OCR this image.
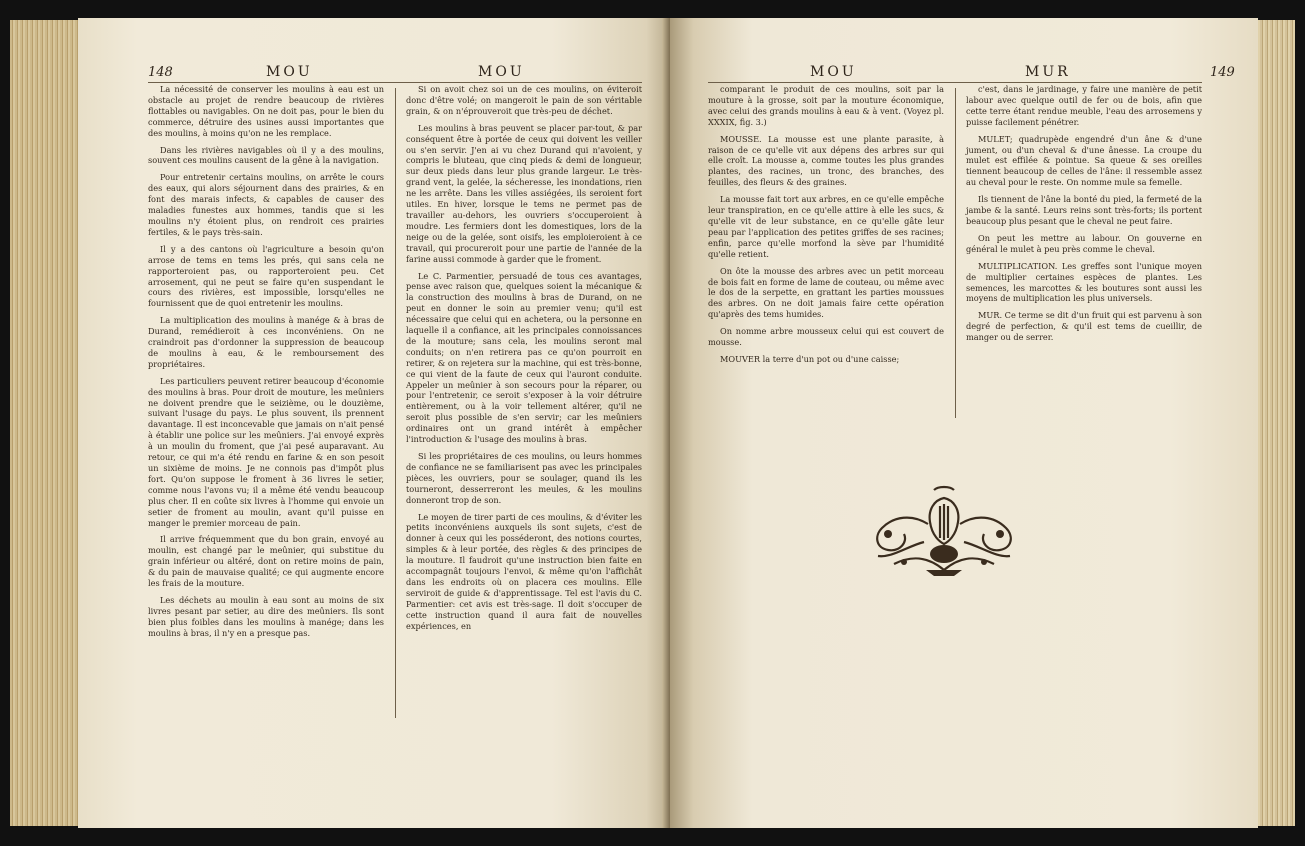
148	MOU	MOU

La nécessité de conserver les moulins à eau est un obstacle au projet de rendre beaucoup de rivières flottables ou navigables. On ne doit pas, pour le bien du commerce, détruire des usines aussi importantes que des moulins, à moins qu'on ne les remplace.

Dans les rivières navigables où il y a des moulins, souvent ces moulins causent de la gêne à la navigation.

Pour entretenir certains moulins, on arrête le cours des eaux, qui alors séjournent dans des prairies, & en font des marais infects, & capables de causer des maladies funestes aux hommes, tandis que si les moulins n'y étoient plus, on rendroit ces prairies fertiles, & le pays très-sain.

Il y a des cantons où l'agriculture a besoin qu'on arrose de tems en tems les prés, qui sans cela ne rapporteroient pas, ou rapporteroient peu. Cet arrosement, qui ne peut se faire qu'en suspendant le cours des rivières, est impossible, lorsqu'elles ne fournissent que de quoi entretenir les moulins.

La multiplication des moulins à manége & à bras de Durand, remédieroit à ces inconvéniens. On ne craindroit pas d'ordonner la suppression de beaucoup de moulins à eau, & le remboursement des propriétaires.

Les particuliers peuvent retirer beaucoup d'économie des moulins à bras. Pour droit de mouture, les meûniers ne doivent prendre que le seizième, ou le douzième, suivant l'usage du pays. Le plus souvent, ils prennent davantage. Il est inconcevable que jamais on n'ait pensé à établir une police sur les meûniers. J'ai envoyé exprès à un moulin du froment, que j'ai pesé auparavant. Au retour, ce qui m'a été rendu en farine & en son pesoit un sixième de moins. Je ne connois pas d'impôt plus fort. Qu'on suppose le froment à 36 livres le setier, comme nous l'avons vu; il a même été vendu beaucoup plus cher. Il en coûte six livres à l'homme qui envoie un setier de froment au moulin, avant qu'il puisse en manger le premier morceau de pain.

Il arrive fréquemment que du bon grain, envoyé au moulin, est changé par le meûnier, qui substitue du grain inférieur ou altéré, dont on retire moins de pain, & du pain de mauvaise qualité; ce qui augmente encore les frais de la mouture.

Les déchets au moulin à eau sont au moins de six livres pesant par setier, au dire des meûniers. Ils sont bien plus foibles dans les moulins à manége; dans les moulins à bras, il n'y en a presque pas.

Si on avoit chez soi un de ces moulins, on éviteroit donc d'être volé; on mangeroit le pain de son véritable grain, & on n'éprouveroit que très-peu de déchet.

Les moulins à bras peuvent se placer par-tout, & par conséquent être à portée de ceux qui doivent les veiller ou s'en servir. J'en ai vu chez Durand qui n'avoient, y compris le bluteau, que cinq pieds & demi de longueur, sur deux pieds dans leur plus grande largeur. Le très-grand vent, la gelée, la sécheresse, les inondations, rien ne les arrête. Dans les villes assiégées, ils seroient fort utiles. En hiver, lorsque le tems ne permet pas de travailler au-dehors, les ouvriers s'occuperoient à moudre. Les fermiers dont les domestiques, lors de la neige ou de la gelée, sont oisifs, les emploieroient à ce travail, qui procureroit pour une partie de l'année de la farine aussi commode à garder que le froment.

Le C. Parmentier, persuadé de tous ces avantages, pense avec raison que, quelques soient la mécanique & la construction des moulins à bras de Durand, on ne peut en donner le soin au premier venu; qu'il est nécessaire que celui qui en achetera, ou la personne en laquelle il a confiance, ait les principales connoissances de la mouture; sans cela, les moulins seront mal conduits; on n'en retirera pas ce qu'on pourroit en retirer, & on rejetera sur la machine, qui est très-bonne, ce qui vient de la faute de ceux qui l'auront conduite. Appeler un meûnier à son secours pour la réparer, ou pour l'entretenir, ce seroit s'exposer à la voir détruire entièrement, ou à la voir tellement altérer, qu'il ne seroit plus possible de s'en servir; car les meûniers ordinaires ont un grand intérêt à empêcher l'introduction & l'usage des moulins à bras.

Si les propriétaires de ces moulins, ou leurs hommes de confiance ne se familiarisent pas avec les principales pièces, les ouvriers, pour se soulager, quand ils les tourneront, desserreront les meules, & les moulins donneront trop de son.

Le moyen de tirer parti de ces moulins, & d'éviter les petits inconvéniens auxquels ils sont sujets, c'est de donner à ceux qui les posséderont, des notions courtes, simples & à leur portée, des règles & des principes de la mouture. Il faudroit qu'une instruction bien faite en accompagnât toujours l'envoi, & même qu'on l'affichât dans les endroits où on placera ces moulins. Elle serviroit de guide & d'apprentissage. Tel est l'avis du C. Parmentier: cet avis est très-sage. Il doit s'occuper de cette instruction quand il aura fait de nouvelles expériences, en

MOU	MUR	149

comparant le produit de ces moulins, soit par la mouture à la grosse, soit par la mouture économique, avec celui des grands moulins à eau & à vent. (Voyez pl. XXXIX, fig. 3.)

MOUSSE. La mousse est une plante parasite, à raison de ce qu'elle vit aux dépens des arbres sur qui elle croît. La mousse a, comme toutes les plus grandes plantes, des racines, un tronc, des branches, des feuilles, des fleurs & des graines.

La mousse fait tort aux arbres, en ce qu'elle empêche leur transpiration, en ce qu'elle attire à elle les sucs, & qu'elle vit de leur substance, en ce qu'elle gâte leur peau par l'application des petites griffes de ses racines; enfin, parce qu'elle morfond la sève par l'humidité qu'elle retient.

On ôte la mousse des arbres avec un petit morceau de bois fait en forme de lame de couteau, ou même avec le dos de la serpette, en grattant les parties moussues des arbres. On ne doit jamais faire cette opération qu'après des tems humides.

On nomme arbre mousseux celui qui est couvert de mousse.

MOUVER la terre d'un pot ou d'une caisse;

c'est, dans le jardinage, y faire une manière de petit labour avec quelque outil de fer ou de bois, afin que cette terre étant rendue meuble, l'eau des arrosemens y puisse facilement pénétrer.

MULET; quadrupède engendré d'un âne & d'une jument, ou d'un cheval & d'une ânesse. La croupe du mulet est effilée & pointue. Sa queue & ses oreilles tiennent beaucoup de celles de l'âne: il ressemble assez au cheval pour le reste. On nomme mule sa femelle.

Ils tiennent de l'âne la bonté du pied, la fermeté de la jambe & la santé. Leurs reins sont très-forts; ils portent beaucoup plus pesant que le cheval ne peut faire.

On peut les mettre au labour. On gouverne en général le mulet à peu près comme le cheval.

MULTIPLICATION. Les greffes sont l'unique moyen de multiplier certaines espèces de plantes. Les semences, les marcottes & les boutures sont aussi les moyens de multiplication les plus universels.

MUR. Ce terme se dit d'un fruit qui est parvenu à son degré de perfection, & qu'il est tems de cueillir, de manger ou de serrer.
